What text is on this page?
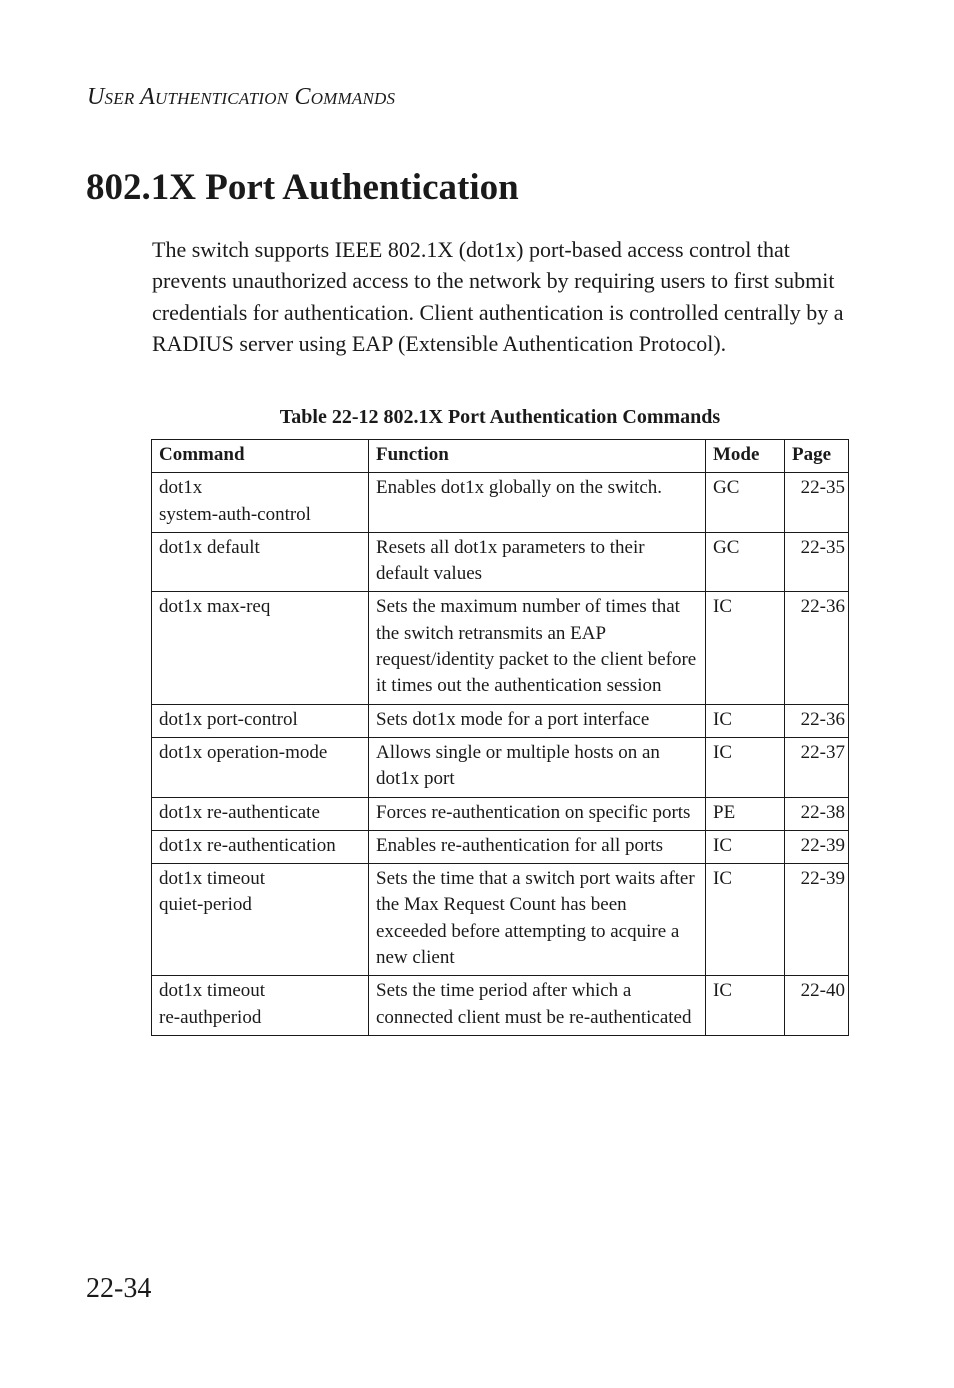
User Authentication Commands
802.1X Port Authentication

The switch supports IEEE 802.1X (dot1x) port-based access control that prevents unauthorized access to the network by requiring users to first submit credentials for authentication. Client authentication is controlled centrally by a RADIUS server using EAP (Extensible Authentication Protocol).

Table 22-12 802.1X Port Authentication Commands
Command	Function	Mode	Page

dot1x
system-auth-control	Enables dot1x globally on the switch.	GC	22-35

dot1x default	Resets all dot1x parameters to their default values	GC	22-35

dot1x max-req	Sets the maximum number of times that the switch retransmits an EAP request/identity packet to the client before it times out the authentication session	IC	22-36

dot1x port-control	Sets dot1x mode for a port interface	IC	22-36

dot1x operation-mode	Allows single or multiple hosts on an dot1x port	IC	22-37

dot1x re-authenticate	Forces re-authentication on specific ports	PE	22-38

dot1x re-authentication	Enables re-authentication for all ports	IC	22-39

dot1x timeout
quiet-period	Sets the time that a switch port waits after the Max Request Count has been exceeded before attempting to acquire a new client	IC	22-39

dot1x timeout
re-authperiod	Sets the time period after which a connected client must be re-authenticated	IC	22-40
22-34
